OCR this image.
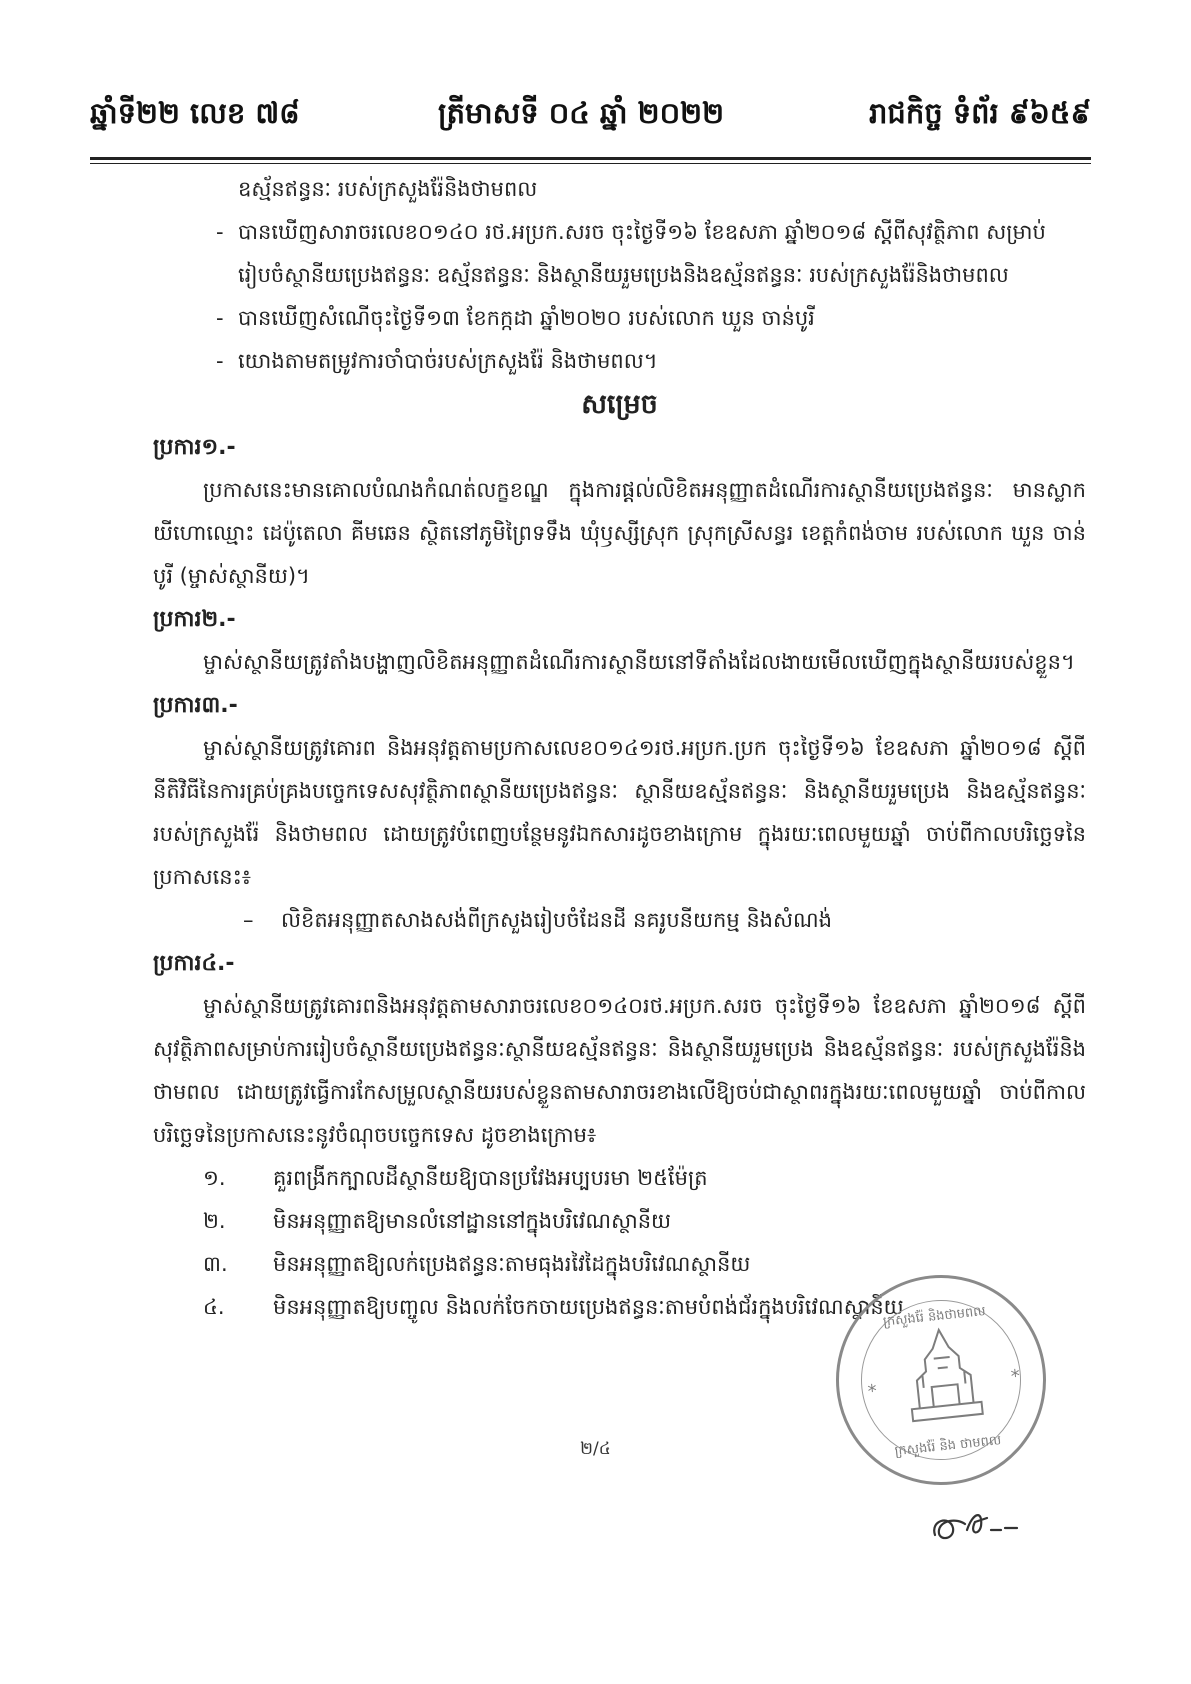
ឆ្នាំទី២២ លេខ ៧៨	ត្រីមាសទី ០៤ ឆ្នាំ ២០២២	រាជកិច្ច ទំព័រ ៩៦៥៩

ឧស្ម័នឥន្ធនៈ របស់ក្រសួងរ៉ែនិងថាមពល

- បានឃើញសារាចរលេខ០១៤០ រថ.អប្រក.សរច ចុះថ្ងៃទី១៦ ខែឧសភា ឆ្នាំ២០១៨ ស្ដីពីសុវត្ថិភាព សម្រាប់រៀបចំស្ថានីយប្រេងឥន្ធនៈ ឧស្ម័នឥន្ធនៈ និងស្ថានីយរួមប្រេងនិងឧស្ម័នឥន្ធនៈ របស់ក្រសួងរ៉ែនិងថាមពល

- បានឃើញសំណើចុះថ្ងៃទី១៣ ខែកក្កដា ឆ្នាំ២០២០ របស់លោក ឃួន ចាន់បូរី

- យោងតាមតម្រូវការចាំបាច់របស់ក្រសួងរ៉ែ និងថាមពល។

សម្រេច

ប្រការ១.-

ប្រកាសនេះមានគោលបំណងកំណត់លក្ខខណ្ឌ ក្នុងការផ្ដល់លិខិតអនុញ្ញាតដំណើរការស្ថានីយប្រេងឥន្ធនៈ មានស្លាកយីហោឈ្មោះ ដេប៉ូតេលា គីមឆេន ស្ថិតនៅភូមិព្រៃទទឹង ឃុំឫស្សីស្រុក ស្រុកស្រីសន្ធរ ខេត្តកំពង់ចាម របស់លោក ឃួន ចាន់បូរី (ម្ចាស់ស្ថានីយ)។

ប្រការ២.-

ម្ចាស់ស្ថានីយត្រូវតាំងបង្ហាញលិខិតអនុញ្ញាតដំណើរការស្ថានីយនៅទីតាំងដែលងាយមើលឃើញក្នុងស្ថានីយរបស់ខ្លួន។

ប្រការ៣.-

ម្ចាស់ស្ថានីយត្រូវគោរព និងអនុវត្តតាមប្រកាសលេខ០១៤១រថ.អប្រក.ប្រក ចុះថ្ងៃទី១៦ ខែឧសភា ឆ្នាំ២០១៨ ស្ដីពីនីតិវិធីនៃការគ្រប់គ្រងបច្ចេកទេសសុវត្ថិភាពស្ថានីយប្រេងឥន្ធនៈ ស្ថានីយឧស្ម័នឥន្ធនៈ និងស្ថានីយរួមប្រេង និងឧស្ម័នឥន្ធនៈរបស់ក្រសួងរ៉ែ និងថាមពល ដោយត្រូវបំពេញបន្ថែមនូវឯកសារដូចខាងក្រោម ក្នុងរយៈពេលមួយឆ្នាំ ចាប់ពីកាលបរិច្ឆេទនៃប្រកាសនេះ៖

– លិខិតអនុញ្ញាតសាងសង់ពីក្រសួងរៀបចំដែនដី នគរូបនីយកម្ម និងសំណង់

ប្រការ៤.-

ម្ចាស់ស្ថានីយត្រូវគោរពនិងអនុវត្តតាមសារាចរលេខ០១៤០រថ.អប្រក.សរច ចុះថ្ងៃទី១៦ ខែឧសភា ឆ្នាំ២០១៨ ស្ដីពីសុវត្ថិភាពសម្រាប់ការរៀបចំស្ថានីយប្រេងឥន្ធនៈស្ថានីយឧស្ម័នឥន្ធនៈ និងស្ថានីយរួមប្រេង និងឧស្ម័នឥន្ធនៈ របស់ក្រសួងរ៉ែនិងថាមពល ដោយត្រូវធ្វើការកែសម្រួលស្ថានីយរបស់ខ្លួនតាមសារាចរខាងលើឱ្យចប់ជាស្ថាពរក្នុងរយៈពេលមួយឆ្នាំ ចាប់ពីកាលបរិច្ឆេទនៃប្រកាសនេះនូវចំណុចបច្ចេកទេស ដូចខាងក្រោម៖

១. គួរពង្រីកក្បាលដីស្ថានីយឱ្យបានប្រវែងអប្បបរមា ២៥ម៉ែត្រ

២. មិនអនុញ្ញាតឱ្យមានលំនៅដ្ឋាននៅក្នុងបរិវេណស្ថានីយ

៣. មិនអនុញ្ញាតឱ្យលក់ប្រេងឥន្ធនៈតាមធុងរវៃដៃក្នុងបរិវេណស្ថានីយ

៤. មិនអនុញ្ញាតឱ្យបញ្ចូល និងលក់ចែកចាយប្រេងឥន្ធនៈតាមបំពង់ជ័រក្នុងបរិវេណស្ថានីយ

២/៤
ក្រសួងរ៉ែ និងថាមពល
*
*
ក្រសួងរ៉ែ និង ថាមពល
